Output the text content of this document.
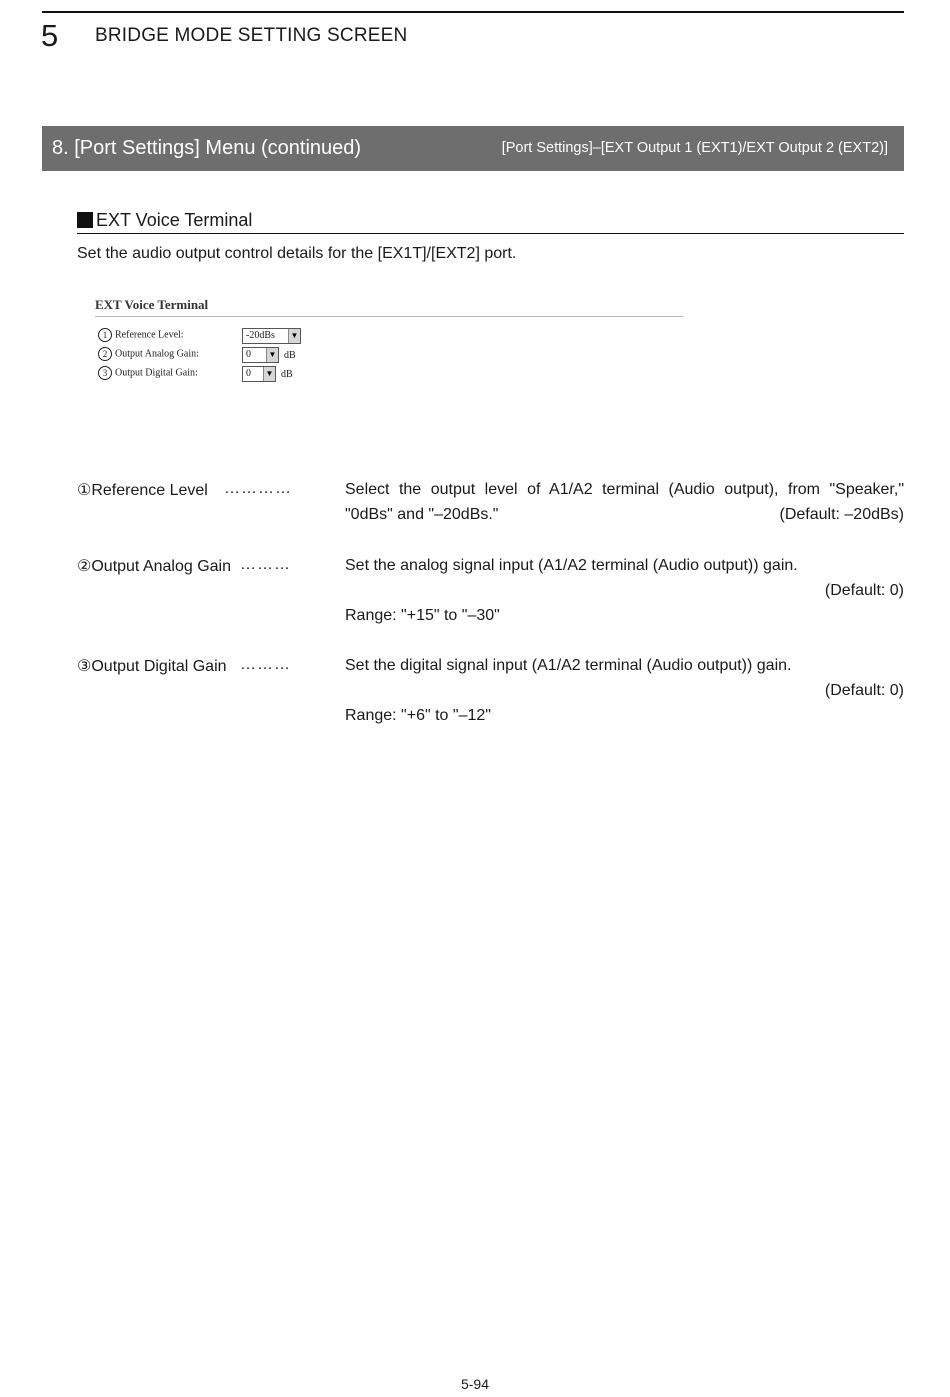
5 BRIDGE MODE SETTING SCREEN
8. [Port Settings] Menu (continued)	[Port Settings]–[EXT Output 1 (EXT1)/EXT Output 2 (EXT2)]
EXT Voice Terminal
Set the audio output control details for the [EX1T]/[EXT2] port.
EXT Voice Terminal
1 Reference Level:	-20dBs	▼
2 Output Analog Gain:	0	▼ dB
3 Output Digital Gain:	0	▼ dB
①Reference Level …………	Select the output level of A1/A2 terminal (Audio output), from "Speaker,"
"0dBs" and "–20dBs."	(Default: –20dBs)
②Output Analog Gain ………	Set the analog signal input (A1/A2 terminal (Audio output)) gain.
(Default: 0)
Range: "+15" to "–30"
③Output Digital Gain ………	Set the digital signal input (A1/A2 terminal (Audio output)) gain.
(Default: 0)
Range: "+6" to "–12"
5-94
